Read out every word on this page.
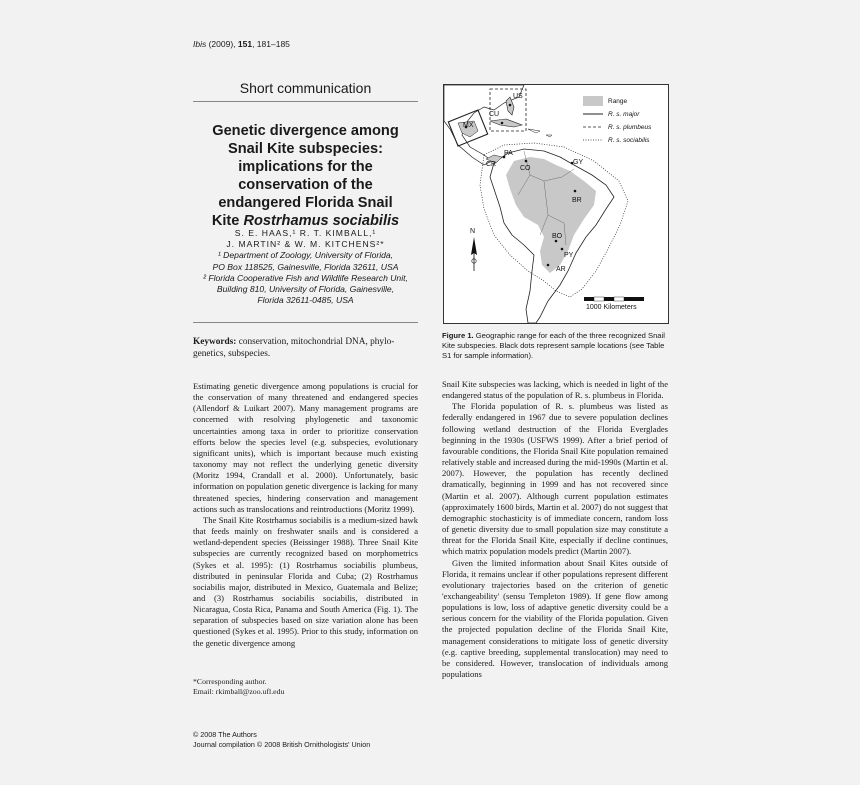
Ibis (2009), 151, 181–185
Short communication
Genetic divergence among
Snail Kite subspecies:
implications for the
conservation of the
endangered Florida Snail
Kite Rostrhamus sociabilis
S. E. HAAS,¹ R. T. KIMBALL,¹
J. MARTIN² & W. M. KITCHENS²*
¹ Department of Zoology, University of Florida,
PO Box 118525, Gainesville, Florida 32611, USA
² Florida Cooperative Fish and Wildlife Research Unit,
Building 810, University of Florida, Gainesville,
Florida 32611-0485, USA
Keywords: conservation, mitochondrial DNA, phylo-genetics, subspecies.

Estimating genetic divergence among populations is crucial for the conservation of many threatened and endangered species (Allendorf & Luikart 2007). Many management programs are concerned with resolving phylogenetic and taxonomic uncertainties among taxa in order to prioritize conservation efforts below the species level (e.g. subspecies, evolutionary significant units), which is important because much existing taxonomy may not reflect the underlying genetic diversity (Moritz 1994, Crandall et al. 2000). Unfortunately, basic information on population genetic divergence is lacking for many threatened species, hindering conservation and management actions such as translocations and reintroductions (Moritz 1999).

The Snail Kite Rostrhamus sociabilis is a medium-sized hawk that feeds mainly on freshwater snails and is considered a wetland-dependent species (Beissinger 1988). Three Snail Kite subspecies are currently recognized based on morphometrics (Sykes et al. 1995): (1) Rostrhamus sociabilis plumbeus, distributed in peninsular Florida and Cuba; (2) Rostrhamus sociabilis major, distributed in Mexico, Guatemala and Belize; and (3) Rostrhamus sociabilis sociabilis, distributed in Nicaragua, Costa Rica, Panama and South America (Fig. 1). The separation of subspecies based on size variation alone has been questioned (Sykes et al. 1995). Prior to this study, information on the genetic divergence among

*Corresponding author.
Email: rkimball@zoo.ufl.edu
© 2008 The Authors
Journal compilation © 2008 British Ornithologists' Union
US
CU
MX
PA
CR
CO
GY
BR
BO
PY
AR
Range
R. s. major
R. s. plumbeus
R. s. sociabilis
N
1000 Kilometers
Figure 1. Geographic range for each of the three recognized Snail Kite subspecies. Black dots represent sample locations (see Table S1 for sample information).

Snail Kite subspecies was lacking, which is needed in light of the endangered status of the population of R. s. plumbeus in Florida.

The Florida population of R. s. plumbeus was listed as federally endangered in 1967 due to severe population declines following wetland destruction of the Florida Everglades beginning in the 1930s (USFWS 1999). After a brief period of favourable conditions, the Florida Snail Kite population remained relatively stable and increased during the mid-1990s (Martin et al. 2007). However, the population has recently declined dramatically, beginning in 1999 and has not recovered since (Martin et al. 2007). Although current population estimates (approximately 1600 birds, Martin et al. 2007) do not suggest that demographic stochasticity is of immediate concern, random loss of genetic diversity due to small population size may constitute a threat for the Florida Snail Kite, especially if decline continues, which matrix population models predict (Martin 2007).

Given the limited information about Snail Kites outside of Florida, it remains unclear if other populations represent different evolutionary trajectories based on the criterion of genetic 'exchangeability' (sensu Templeton 1989). If gene flow among populations is low, loss of adaptive genetic diversity could be a serious concern for the viability of the Florida population. Given the projected population decline of the Florida Snail Kite, management considerations to mitigate loss of genetic diversity (e.g. captive breeding, supplemental translocation) may need to be considered. However, translocation of individuals among populations
